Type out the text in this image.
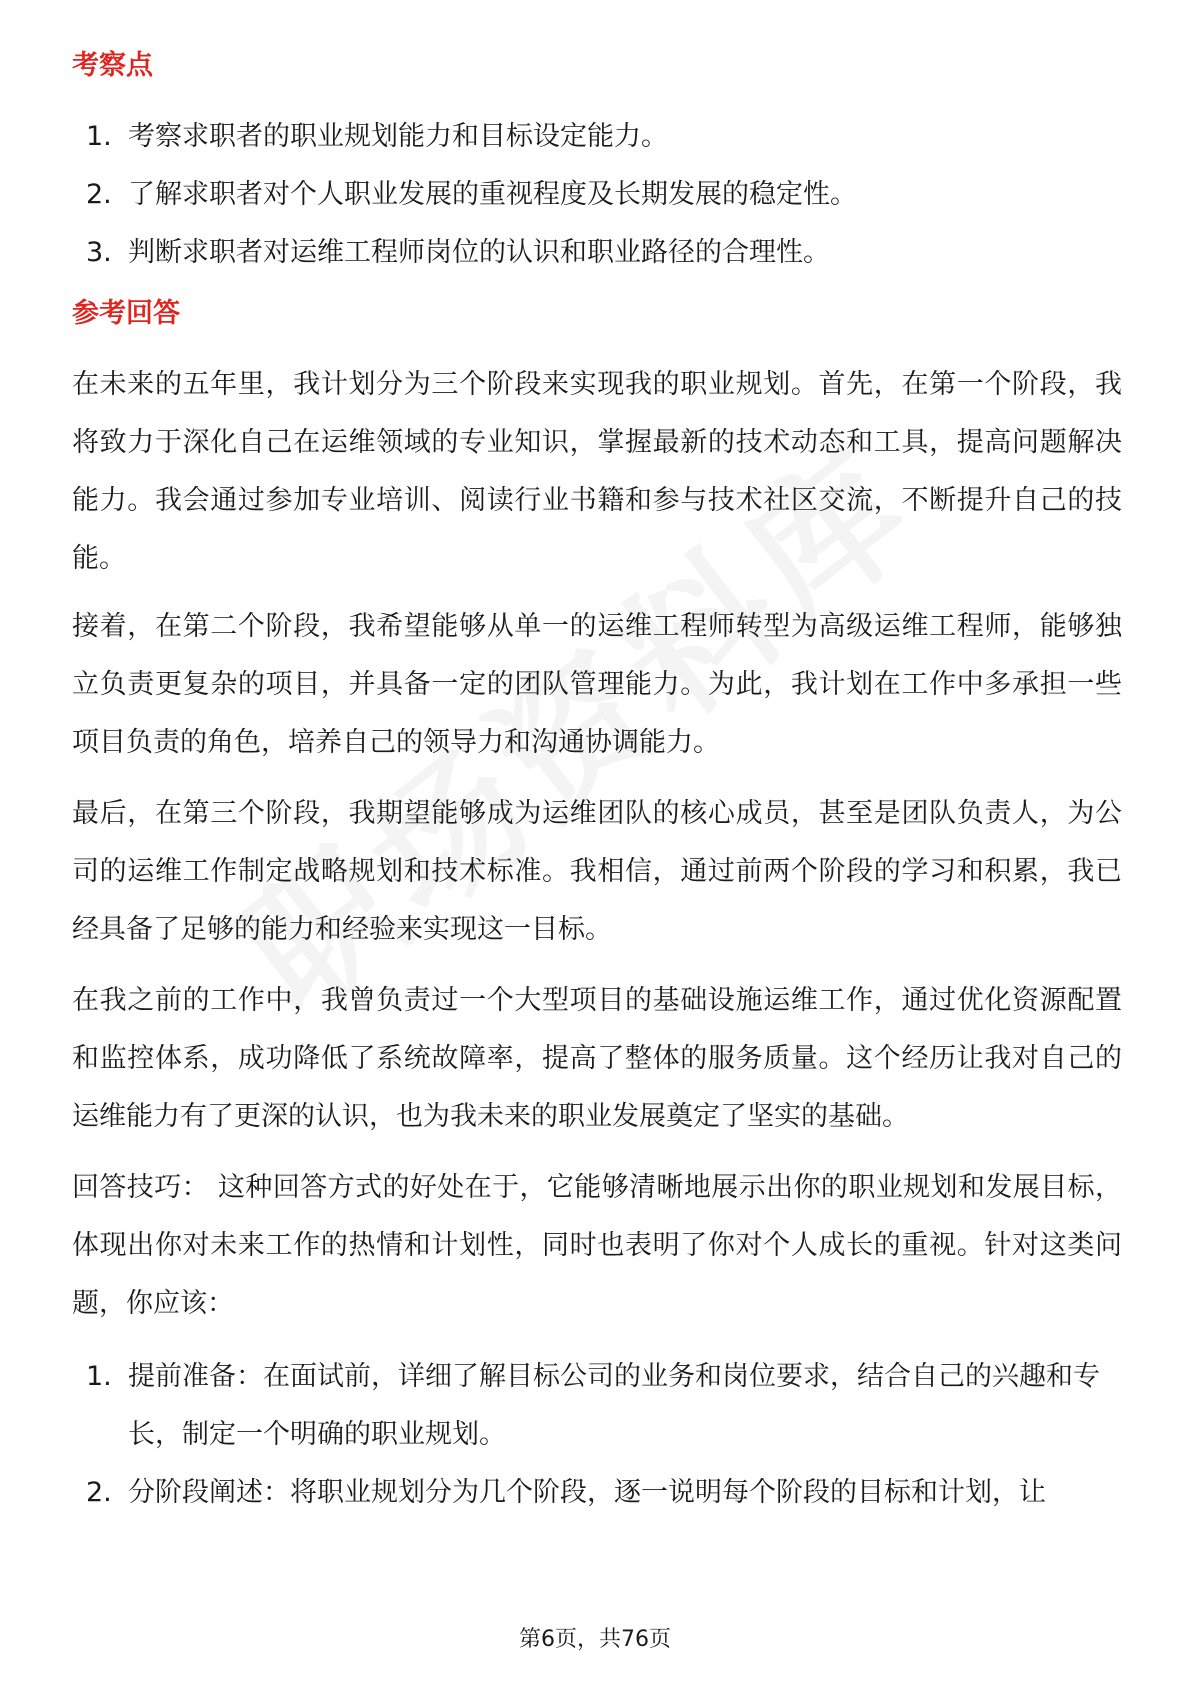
考察点
1. 考察求职者的职业规划能力和目标设定能力。
2. 了解求职者对个人职业发展的重视程度及长期发展的稳定性。
3. 判断求职者对运维工程师岗位的认识和职业路径的合理性。
参考回答

在未来的五年里，我计划分为三个阶段来实现我的职业规划。首先，在第一个阶段，我将致力于深化自己在运维领域的专业知识，掌握最新的技术动态和工具，提高问题解决能力。我会通过参加专业培训、阅读行业书籍和参与技术社区交流，不断提升自己的技能。

接着，在第二个阶段，我希望能够从单一的运维工程师转型为高级运维工程师，能够独立负责更复杂的项目，并具备一定的团队管理能力。为此，我计划在工作中多承担一些项目负责的角色，培养自己的领导力和沟通协调能力。

最后，在第三个阶段，我期望能够成为运维团队的核心成员，甚至是团队负责人，为公司的运维工作制定战略规划和技术标准。我相信，通过前两个阶段的学习和积累，我已经具备了足够的能力和经验来实现这一目标。

在我之前的工作中，我曾负责过一个大型项目的基础设施运维工作，通过优化资源配置和监控体系，成功降低了系统故障率，提高了整体的服务质量。这个经历让我对自己的运维能力有了更深的认识，也为我未来的职业发展奠定了坚实的基础。

回答技巧： 这种回答方式的好处在于，它能够清晰地展示出你的职业规划和发展目标，体现出你对未来工作的热情和计划性，同时也表明了你对个人成长的重视。针对这类问题，你应该：

1. 提前准备：在面试前，详细了解目标公司的业务和岗位要求，结合自己的兴趣和专长，制定一个明确的职业规划。
2. 分阶段阐述：将职业规划分为几个阶段，逐一说明每个阶段的目标和计划，让
第6页，共76页
